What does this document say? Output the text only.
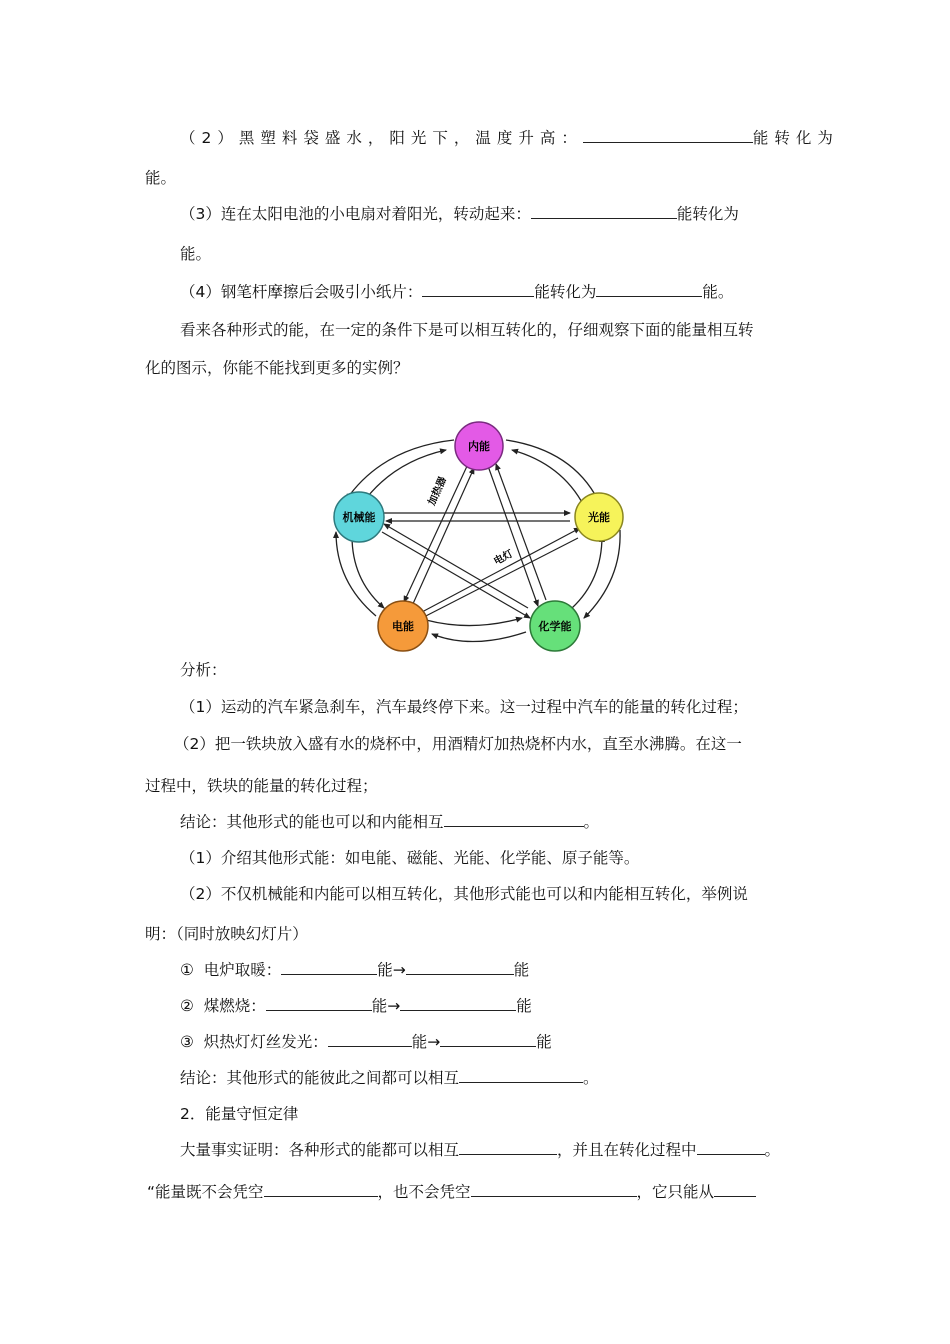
（2）黑塑料袋盛水，阳光下，温度升高：	能转化为
能。
（3）连在太阳电池的小电扇对着阳光，转动起来：	能转化为
能。
（4）钢笔杆摩擦后会吸引小纸片：	能转化为	能。
看来各种形式的能，在一定的条件下是可以相互转化的，仔细观察下面的能量相互转
化的图示，你能不能找到更多的实例？
加热器
电灯
内能
机械能	光能
电能	化学能
分析：
（1）运动的汽车紧急刹车，汽车最终停下来。这一过程中汽车的能量的转化过程；
（2）把一铁块放入盛有水的烧杯中，用酒精灯加热烧杯内水，直至水沸腾。在这一
过程中，铁块的能量的转化过程；
结论：其他形式的能也可以和内能相互	。
（1）介绍其他形式能：如电能、磁能、光能、化学能、原子能等。
（2）不仅机械能和内能可以相互转化，其他形式能也可以和内能相互转化，举例说
明：（同时放映幻灯片）
① 电炉取暖：	能→	能
② 煤燃烧：	能→	能
③ 炽热灯灯丝发光：	能→	能
结论：其他形式的能彼此之间都可以相互	。
2．能量守恒定律
大量事实证明：各种形式的能都可以相互	，并且在转化过程中	。
“能量既不会凭空	，也不会凭空	，它只能从
